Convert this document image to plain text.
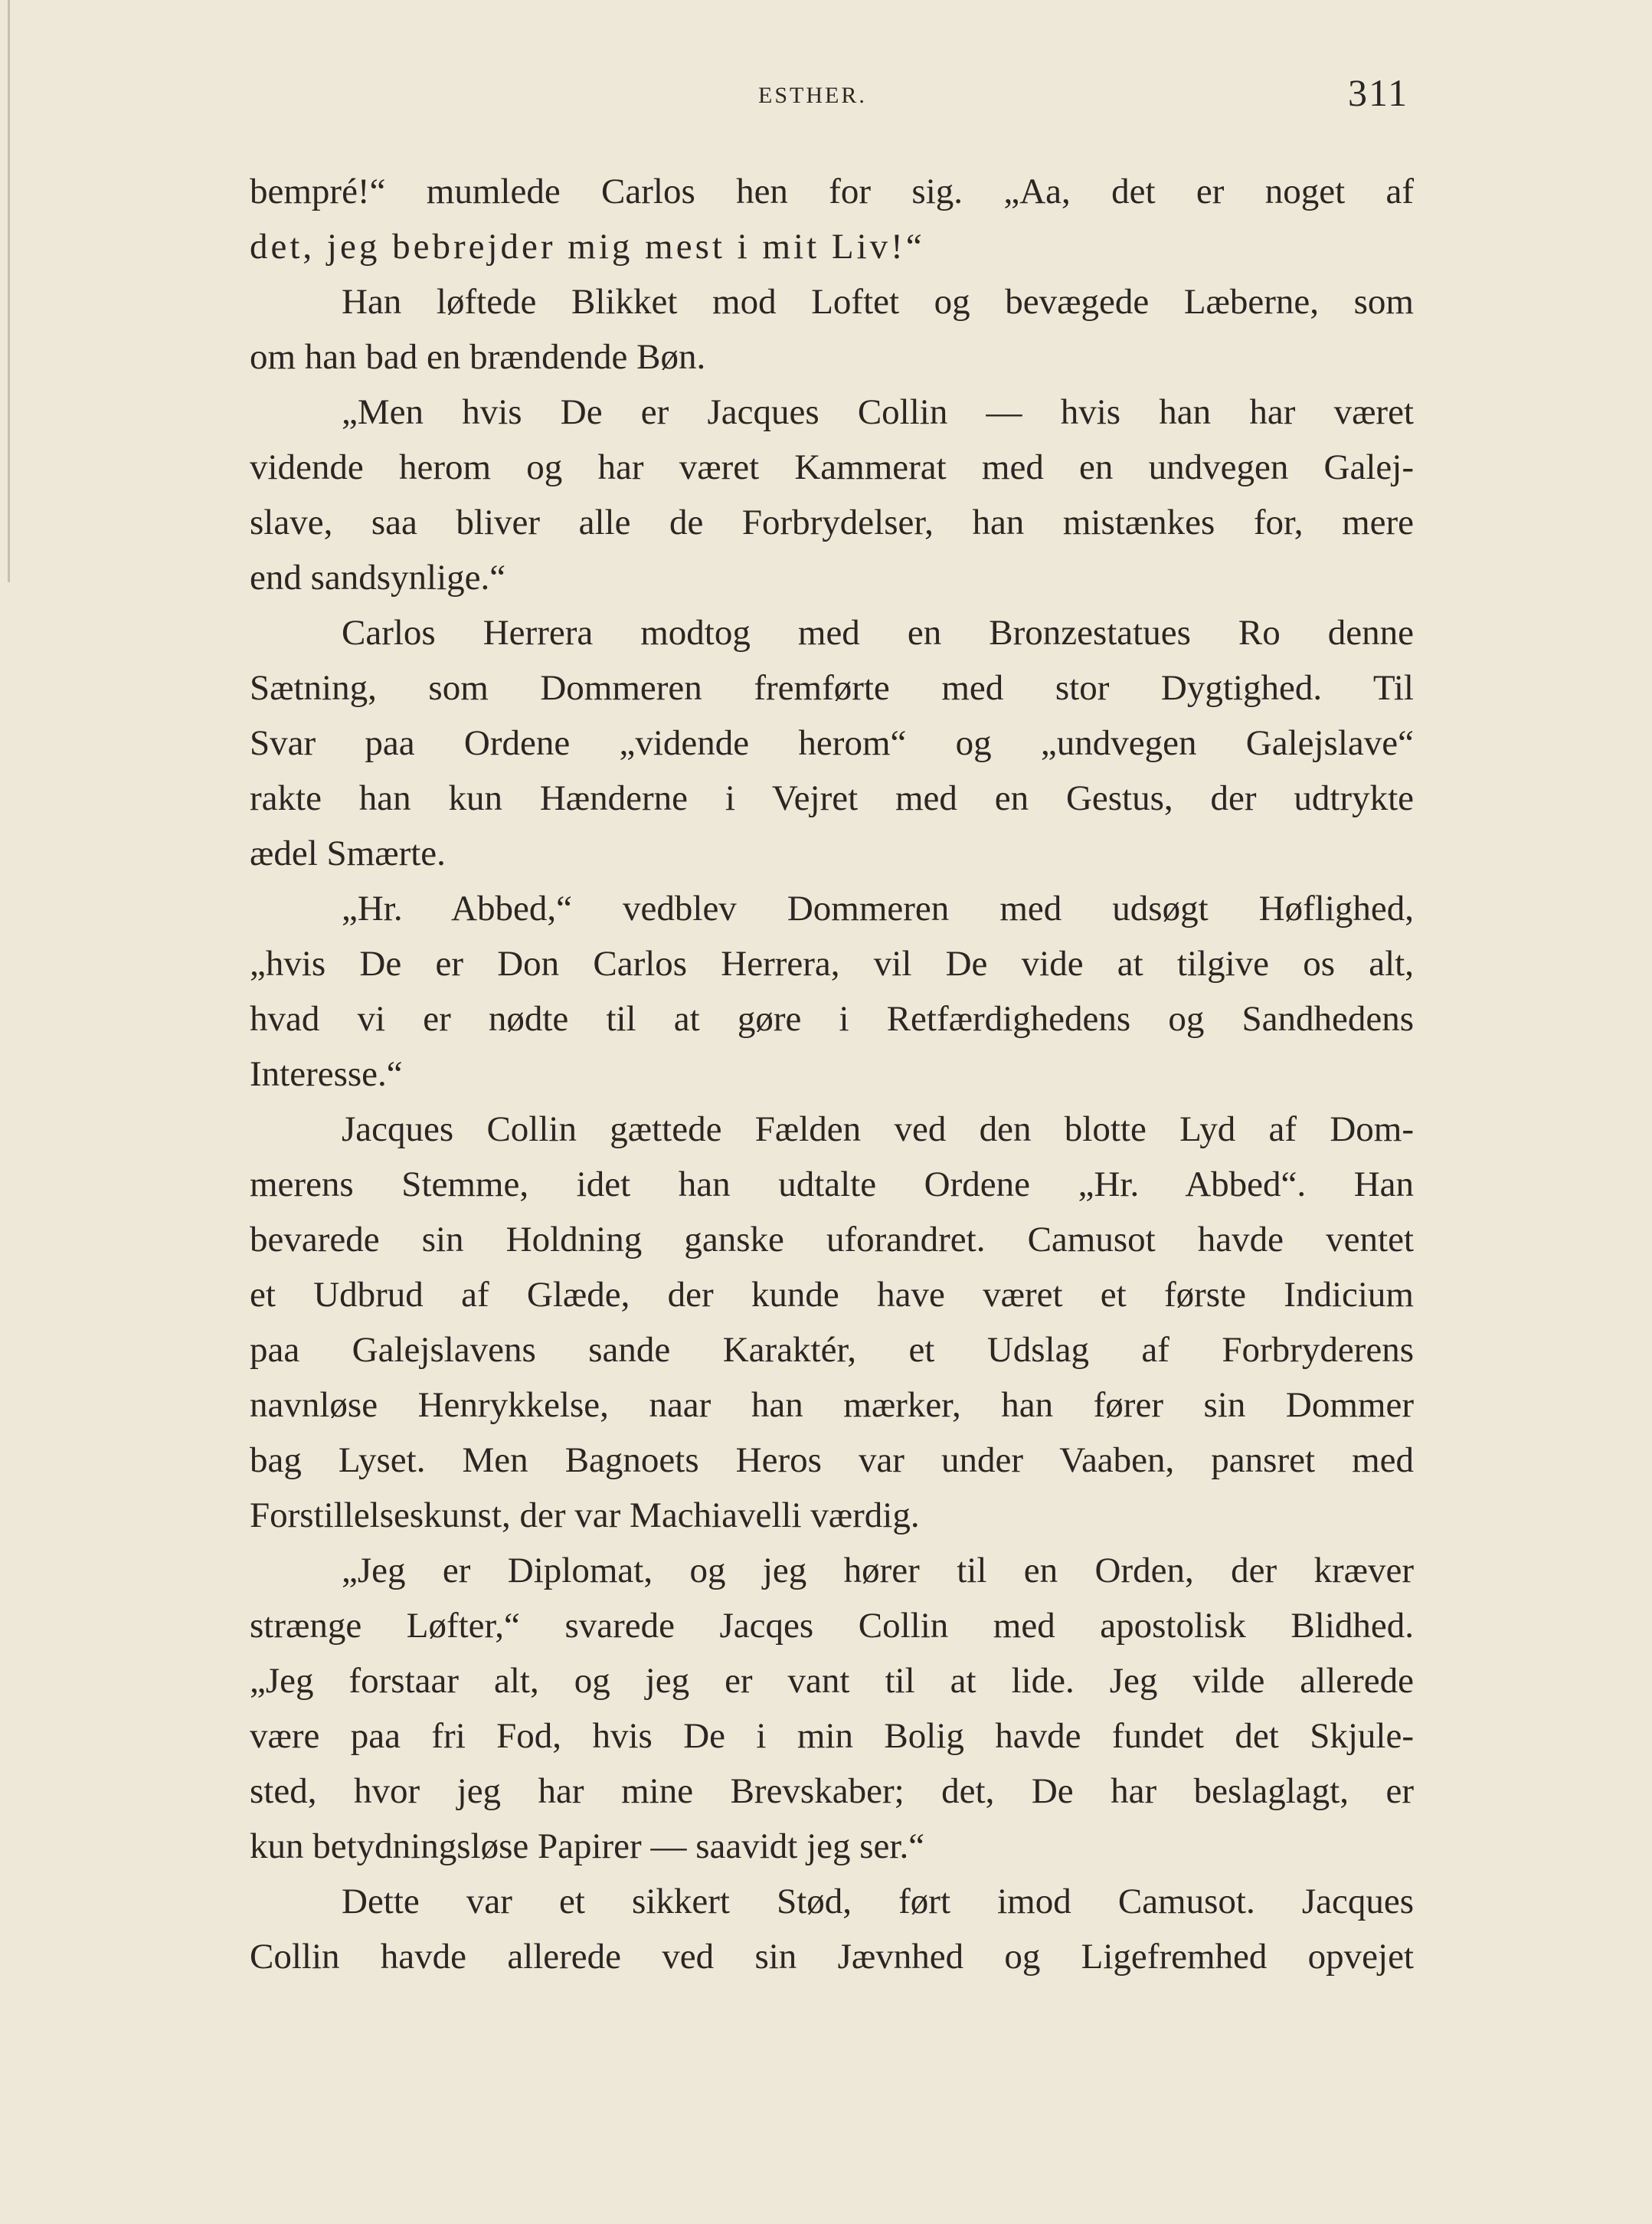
ESTHER.	311
bempré!“ mumlede Carlos hen for sig. „Aa, det er noget af
det, jeg bebrejder mig mest i mit Liv!“
Han løftede Blikket mod Loftet og bevægede Læberne, som
om han bad en brændende Bøn.
„Men hvis De er Jacques Collin — hvis han har været
vidende herom og har været Kammerat med en undvegen Galej-
slave, saa bliver alle de Forbrydelser, han mistænkes for, mere
end sandsynlige.“
Carlos Herrera modtog med en Bronzestatues Ro denne
Sætning, som Dommeren fremførte med stor Dygtighed. Til
Svar paa Ordene „vidende herom“ og „undvegen Galejslave“
rakte han kun Hænderne i Vejret med en Gestus, der udtrykte
ædel Smærte.
„Hr. Abbed,“ vedblev Dommeren med udsøgt Høflighed,
„hvis De er Don Carlos Herrera, vil De vide at tilgive os alt,
hvad vi er nødte til at gøre i Retfærdighedens og Sandhedens
Interesse.“
Jacques Collin gættede Fælden ved den blotte Lyd af Dom-
merens Stemme, idet han udtalte Ordene „Hr. Abbed“. Han
bevarede sin Holdning ganske uforandret. Camusot havde ventet
et Udbrud af Glæde, der kunde have været et første Indicium
paa Galejslavens sande Karaktér, et Udslag af Forbryderens
navnløse Henrykkelse, naar han mærker, han fører sin Dommer
bag Lyset. Men Bagnoets Heros var under Vaaben, pansret med
Forstillelseskunst, der var Machiavelli værdig.
„Jeg er Diplomat, og jeg hører til en Orden, der kræver
strænge Løfter,“ svarede Jacqes Collin med apostolisk Blidhed.
„Jeg forstaar alt, og jeg er vant til at lide. Jeg vilde allerede
være paa fri Fod, hvis De i min Bolig havde fundet det Skjule-
sted, hvor jeg har mine Brevskaber; det, De har beslaglagt, er
kun betydningsløse Papirer — saavidt jeg ser.“
Dette var et sikkert Stød, ført imod Camusot. Jacques
Collin havde allerede ved sin Jævnhed og Ligefremhed opvejet
